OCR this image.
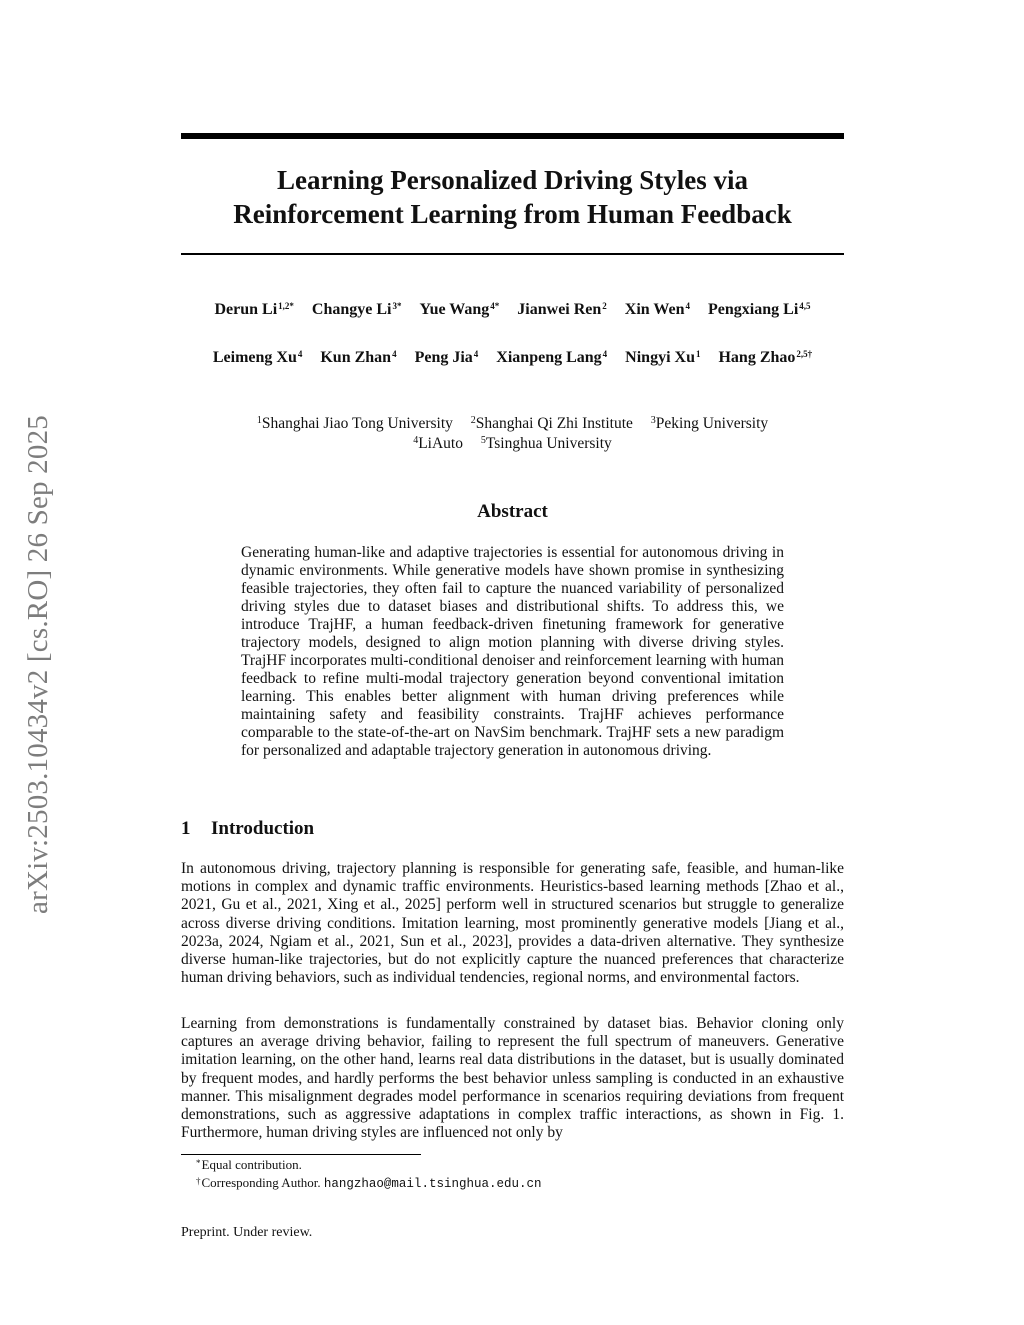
arXiv:2503.10434v2 [cs.RO] 26 Sep 2025
Learning Personalized Driving Styles via
Reinforcement Learning from Human Feedback
Derun $Li^{1,2*}$ Changye $Li^{3*}$ Yue Wang$^{4*}$ Jianwei Ren$^2$ Xin Wen$^4$ Pengxiang Li$^{4,5}$
Leimeng Xu$^4$ Kun Zhan$^4$ Peng Jia$^4$ Xianpeng Lang$^4$ Ningyi Xu$^1$ Hang Zhao$^{2,5\dagger}$
$^1$Shanghai Jiao Tong University $^2$Shanghai Qi Zhi Institute $^3$Peking University
$^4$LiAuto $^5$Tsinghua University
Abstract

Generating human-like and adaptive trajectories is essential for autonomous driving in dynamic environments. While generative models have shown promise in synthesizing feasible trajectories, they often fail to capture the nuanced variability of personalized driving styles due to dataset biases and distributional shifts. To address this, we introduce TrajHF, a human feedback-driven finetuning framework for generative trajectory models, designed to align motion planning with diverse driving styles. TrajHF incorporates multi-conditional denoiser and reinforcement learning with human feedback to refine multi-modal trajectory generation beyond conventional imitation learning. This enables better alignment with human driving preferences while maintaining safety and feasibility constraints. TrajHF achieves performance comparable to the state-of-the-art on NavSim benchmark. TrajHF sets a new paradigm for personalized and adaptable trajectory generation in autonomous driving.

1 Introduction

In autonomous driving, trajectory planning is responsible for generating safe, feasible, and human-like motions in complex and dynamic traffic environments. Heuristics-based learning methods [Zhao et al., 2021, Gu et al., 2021, Xing et al., 2025] perform well in structured scenarios but struggle to generalize across diverse driving conditions. Imitation learning, most prominently generative models [Jiang et al., 2023a, 2024, Ngiam et al., 2021, Sun et al., 2023], provides a data-driven alternative. They synthesize diverse human-like trajectories, but do not explicitly capture the nuanced preferences that characterize human driving behaviors, such as individual tendencies, regional norms, and environmental factors.

Learning from demonstrations is fundamentally constrained by dataset bias. Behavior cloning only captures an average driving behavior, failing to represent the full spectrum of maneuvers. Generative imitation learning, on the other hand, learns real data distributions in the dataset, but is usually dominated by frequent modes, and hardly performs the best behavior unless sampling is conducted in an exhaustive manner. This misalignment degrades model performance in scenarios requiring deviations from frequent demonstrations, such as aggressive adaptations in complex traffic interactions, as shown in Fig. 1. Furthermore, human driving styles are influenced not only by

*Equal contribution.

†Corresponding Author. hangzhao@mail.tsinghua.edu.cn

Preprint. Under review.
